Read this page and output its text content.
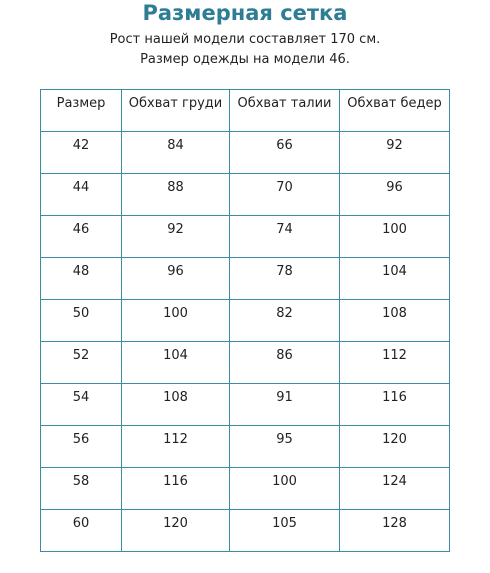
Размерная сетка
Рост нашей модели составляет 170 см.
Размер одежды на модели 46.
Размер	Обхват груди	Обхват талии	Обхват бедер
42	84	66	92
44	88	70	96
46	92	74	100
48	96	78	104
50	100	82	108
52	104	86	112
54	108	91	116
56	112	95	120
58	116	100	124
60	120	105	128
